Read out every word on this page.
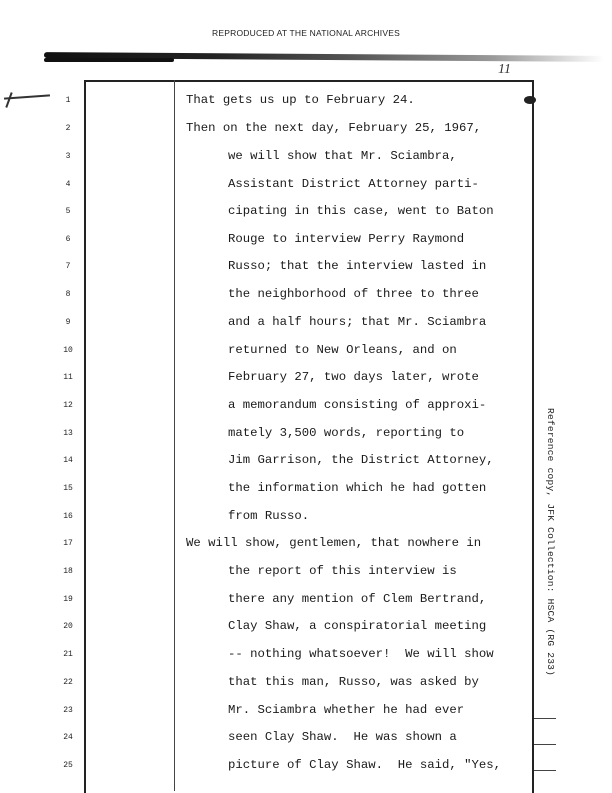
REPRODUCED AT THE NATIONAL ARCHIVES
11
1
2
3
4
5
6
7
8
9
10
11
12
13
14
15
16
17
18
19
20
21
22
23
24
25
That gets us up to February 24.
Then on the next day, February 25, 1967,
we will show that Mr. Sciambra,
Assistant District Attorney parti-
cipating in this case, went to Baton
Rouge to interview Perry Raymond
Russo; that the interview lasted in
the neighborhood of three to three
and a half hours; that Mr. Sciambra
returned to New Orleans, and on
February 27, two days later, wrote
a memorandum consisting of approxi-
mately 3,500 words, reporting to
Jim Garrison, the District Attorney,
the information which he had gotten
from Russo.
We will show, gentlemen, that nowhere in
the report of this interview is
there any mention of Clem Bertrand,
Clay Shaw, a conspiratorial meeting
-- nothing whatsoever!  We will show
that this man, Russo, was asked by
Mr. Sciambra whether he had ever
seen Clay Shaw.  He was shown a
picture of Clay Shaw.  He said, "Yes,
Reference copy, JFK Collection: HSCA (RG 233)
